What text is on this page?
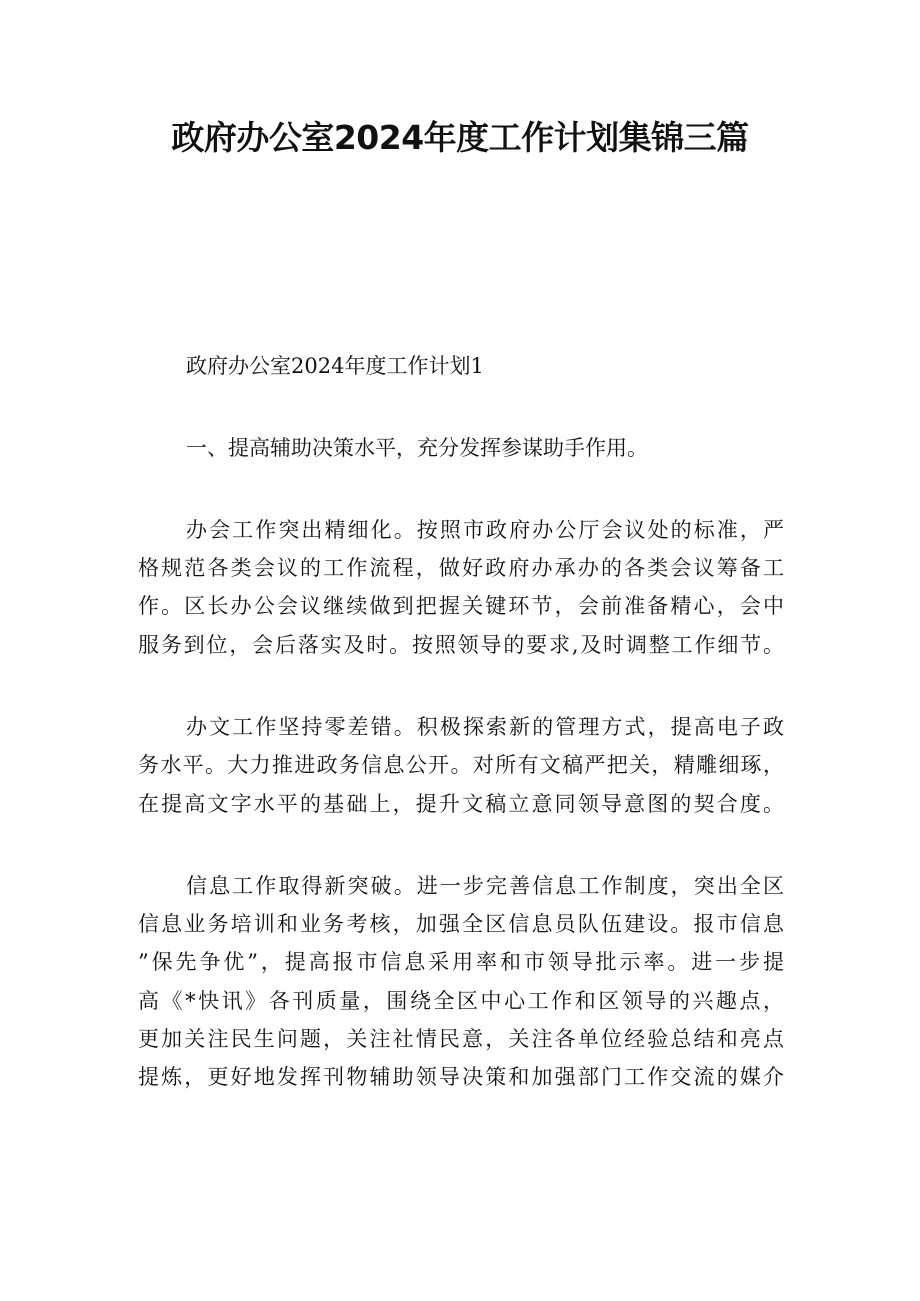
政府办公室2024年度工作计划集锦三篇

政府办公室2024年度工作计划1

一、提高辅助决策水平，充分发挥参谋助手作用。

办会工作突出精细化。按照市政府办公厅会议处的标准，严

格规范各类会议的工作流程，做好政府办承办的各类会议筹备工

作。区长办公会议继续做到把握关键环节，会前准备精心，会中

服务到位，会后落实及时。按照领导的要求,及时调整工作细节。

办文工作坚持零差错。积极探索新的管理方式，提高电子政

务水平。大力推进政务信息公开。对所有文稿严把关，精雕细琢，

在提高文字水平的基础上，提升文稿立意同领导意图的契合度。

信息工作取得新突破。进一步完善信息工作制度，突出全区

信息业务培训和业务考核，加强全区信息员队伍建设。报市信息

”保先争优”，提高报市信息采用率和市领导批示率。进一步提

高《*快讯》各刊质量，围绕全区中心工作和区领导的兴趣点，

更加关注民生问题，关注社情民意，关注各单位经验总结和亮点

提炼，更好地发挥刊物辅助领导决策和加强部门工作交流的媒介
